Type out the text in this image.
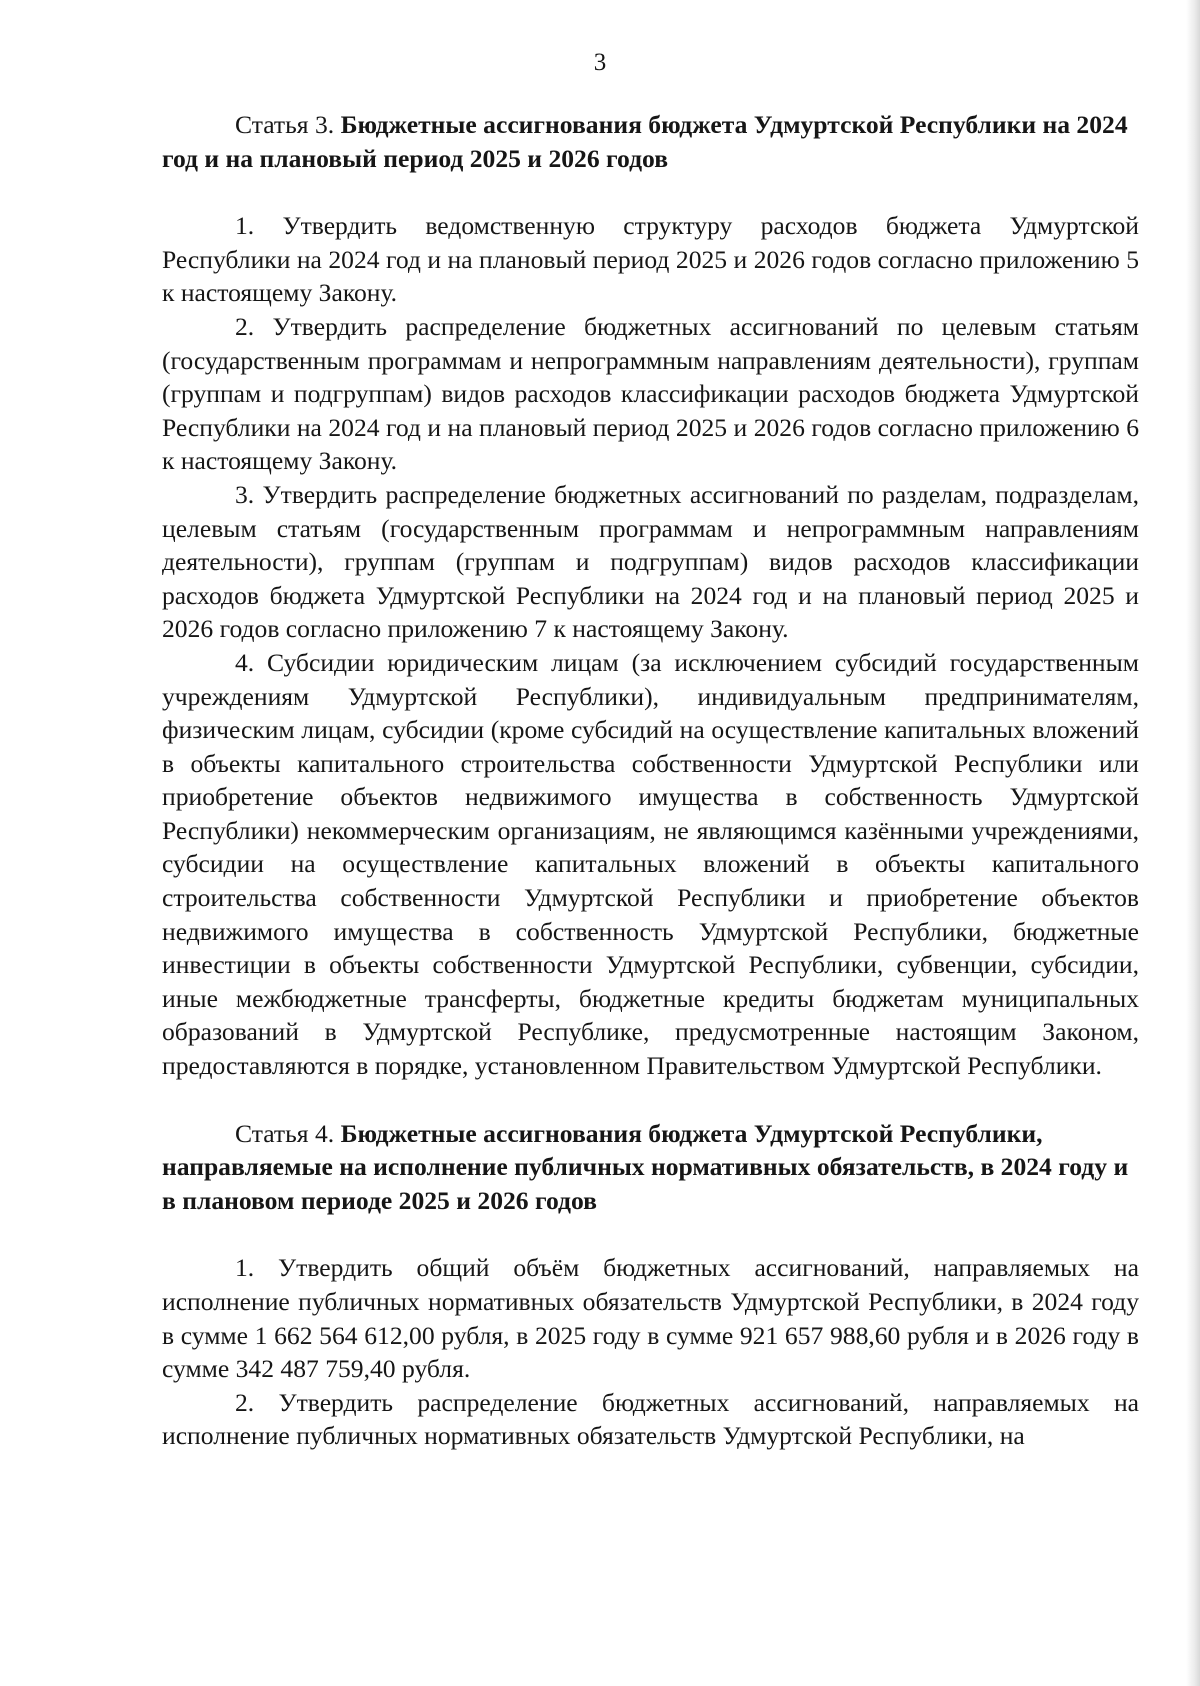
3

Статья 3. Бюджетные ассигнования бюджета Удмуртской Республики на 2024 год и на плановый период 2025 и 2026 годов

1. Утвердить ведомственную структуру расходов бюджета Удмуртской Республики на 2024 год и на плановый период 2025 и 2026 годов согласно приложению 5 к настоящему Закону.

2. Утвердить распределение бюджетных ассигнований по целевым статьям (государственным программам и непрограммным направлениям деятельности), группам (группам и подгруппам) видов расходов классификации расходов бюджета Удмуртской Республики на 2024 год и на плановый период 2025 и 2026 годов согласно приложению 6 к настоящему Закону.

3. Утвердить распределение бюджетных ассигнований по разделам, подразделам, целевым статьям (государственным программам и непрограммным направлениям деятельности), группам (группам и подгруппам) видов расходов классификации расходов бюджета Удмуртской Республики на 2024 год и на плановый период 2025 и 2026 годов согласно приложению 7 к настоящему Закону.

4. Субсидии юридическим лицам (за исключением субсидий государственным учреждениям Удмуртской Республики), индивидуальным предпринимателям, физическим лицам, субсидии (кроме субсидий на осуществление капитальных вложений в объекты капитального строительства собственности Удмуртской Республики или приобретение объектов недвижимого имущества в собственность Удмуртской Республики) некоммерческим организациям, не являющимся казёнными учреждениями, субсидии на осуществление капитальных вложений в объекты капитального строительства собственности Удмуртской Республики и приобретение объектов недвижимого имущества в собственность Удмуртской Республики, бюджетные инвестиции в объекты собственности Удмуртской Республики, субвенции, субсидии, иные межбюджетные трансферты, бюджетные кредиты бюджетам муниципальных образований в Удмуртской Республике, предусмотренные настоящим Законом, предоставляются в порядке, установленном Правительством Удмуртской Республики.

Статья 4. Бюджетные ассигнования бюджета Удмуртской Республики, направляемые на исполнение публичных нормативных обязательств, в 2024 году и в плановом периоде 2025 и 2026 годов

1. Утвердить общий объём бюджетных ассигнований, направляемых на исполнение публичных нормативных обязательств Удмуртской Республики, в 2024 году в сумме 1 662 564 612,00 рубля, в 2025 году в сумме 921 657 988,60 рубля и в 2026 году в сумме 342 487 759,40 рубля.

2. Утвердить распределение бюджетных ассигнований, направляемых на исполнение публичных нормативных обязательств Удмуртской Республики, на
